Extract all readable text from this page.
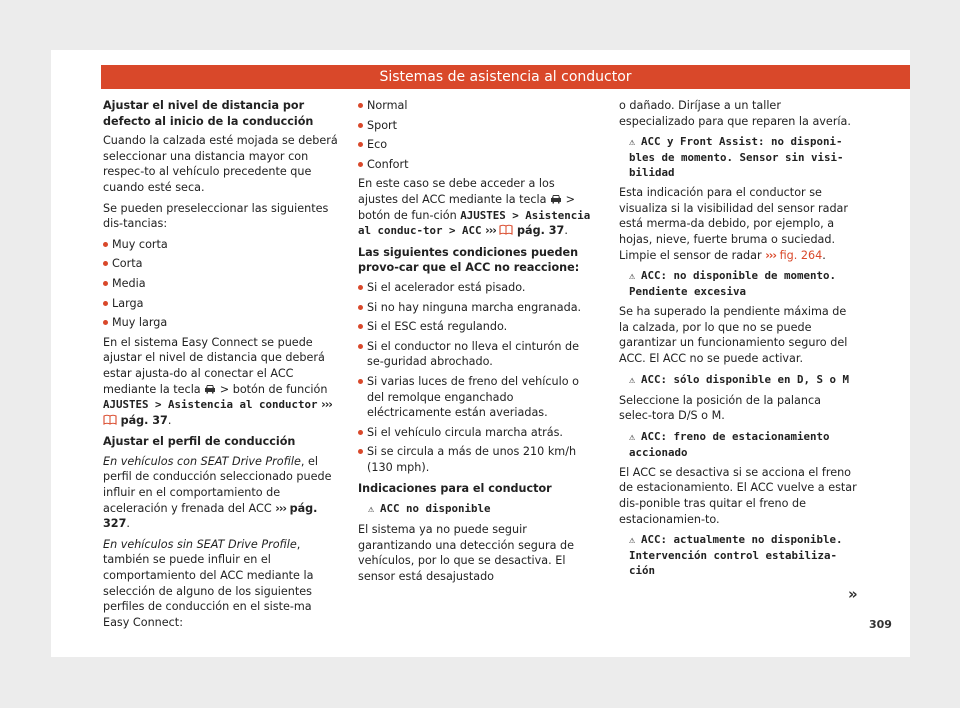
Sistemas de asistencia al conductor

Ajustar el nivel de distancia por defecto al inicio de la conducción

Cuando la calzada esté mojada se deberá seleccionar una distancia mayor con respec-to al vehículo precedente que cuando esté seca.

Se pueden preseleccionar las siguientes dis-tancias:

Muy corta
Corta
Media
Larga
Muy larga

En el sistema Easy Connect se puede ajustar el nivel de distancia que deberá estar ajusta-do al conectar el ACC mediante la tecla > botón de función AJUSTES > Asistencia al conductor ›››  pág. 37.

Ajustar el perfil de conducción

En vehículos con SEAT Drive Profile, el perfil de conducción seleccionado puede influir en el comportamiento de aceleración y frenada del ACC ››› pág. 327.

En vehículos sin SEAT Drive Profile, también se puede influir en el comportamiento del ACC mediante la selección de alguno de los siguientes perfiles de conducción en el siste-ma Easy Connect:

Normal
Sport
Eco
Confort

En este caso se debe acceder a los ajustes del ACC mediante la tecla > botón de fun-ción AJUSTES > Asistencia al conduc-tor > ACC ››› pág. 37.

Las siguientes condiciones pueden provo-car que el ACC no reaccione:

Si el acelerador está pisado.
Si no hay ninguna marcha engranada.
Si el ESC está regulando.
Si el conductor no lleva el cinturón de se-guridad abrochado.
Si varias luces de freno del vehículo o del remolque enganchado eléctricamente están averiadas.
Si el vehículo circula marcha atrás.
Si se circula a más de unos 210 km/h (130 mph).

Indicaciones para el conductor

⚠ ACC no disponible

El sistema ya no puede seguir garantizando una detección segura de vehículos, por lo que se desactiva. El sensor está desajustado

o dañado. Diríjase a un taller especializado para que reparen la avería.

⚠ ACC y Front Assist: no disponi-bles de momento. Sensor sin visi-bilidad

Esta indicación para el conductor se visualiza si la visibilidad del sensor radar está merma-da debido, por ejemplo, a hojas, nieve, fuerte bruma o suciedad. Limpie el sensor de radar ››› fig. 264.

⚠ ACC: no disponible de momento. Pendiente excesiva

Se ha superado la pendiente máxima de la calzada, por lo que no se puede garantizar un funcionamiento seguro del ACC. El ACC no se puede activar.

⚠ ACC: sólo disponible en D, S o M

Seleccione la posición de la palanca selec-tora D/S o M.

⚠ ACC: freno de estacionamiento accionado

El ACC se desactiva si se acciona el freno de estacionamiento. El ACC vuelve a estar dis-ponible tras quitar el freno de estacionamien-to.

⚠ ACC: actualmente no disponible. Intervención control estabiliza-ción

»
309
